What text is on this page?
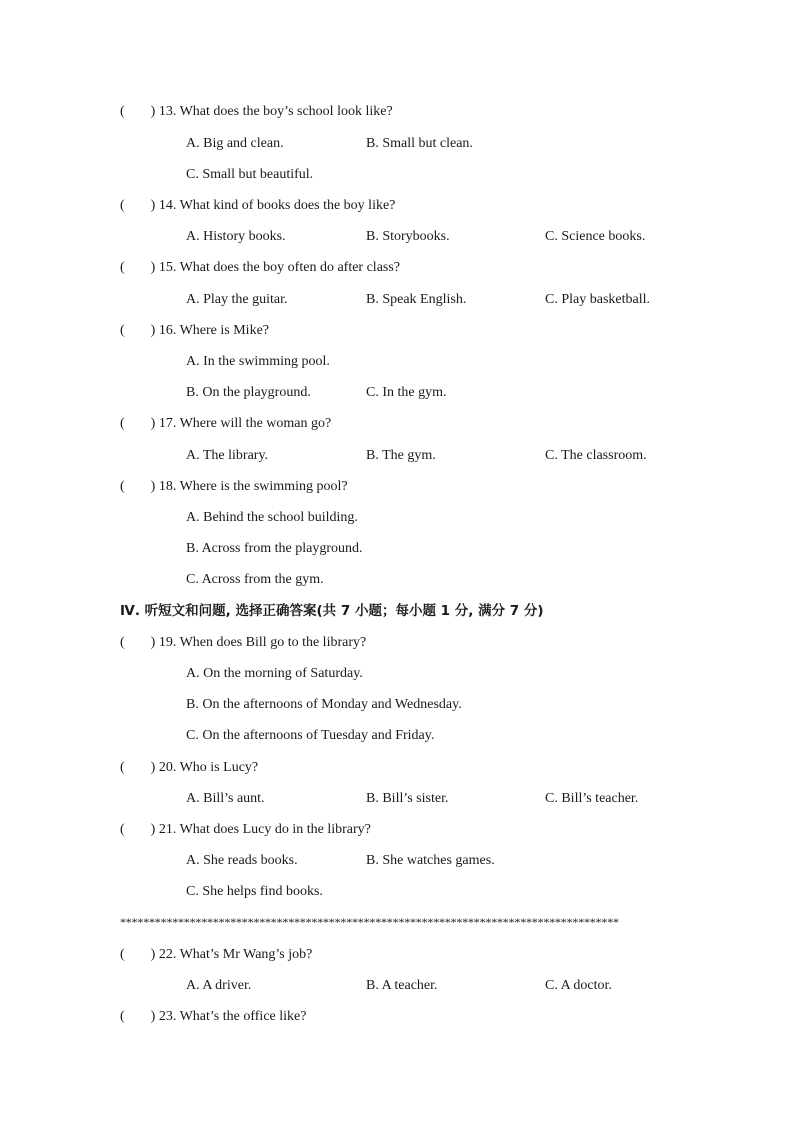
( ) 13. What does the boy’s school look like?
A. Big and clean.	B. Small but clean.
C. Small but beautiful.
( ) 14. What kind of books does the boy like?
A. History books.	B. Storybooks.	C. Science books.
( ) 15. What does the boy often do after class?
A. Play the guitar.	B. Speak English.	C. Play basketball.
( ) 16. Where is Mike?
A. In the swimming pool.
B. On the playground.	C. In the gym.
( ) 17. Where will the woman go?
A. The library.	B. The gym.	C. The classroom.
( ) 18. Where is the swimming pool?
A. Behind the school building.
B. Across from the playground.
C. Across from the gym.
Ⅳ. 听短文和问题, 选择正确答案(共 7 小题；每小题 1 分, 满分 7 分)
( ) 19. When does Bill go to the library?
A. On the morning of Saturday.
B. On the afternoons of Monday and Wednesday.
C. On the afternoons of Tuesday and Friday.
( ) 20. Who is Lucy?
A. Bill’s aunt.	B. Bill’s sister.	C. Bill’s teacher.
( ) 21. What does Lucy do in the library?
A. She reads books.	B. She watches games.
C. She helps find books.
**************************************************************************************
( ) 22. What’s Mr Wang’s job?
A. A driver.	B. A teacher.	C. A doctor.
( ) 23. What’s the office like?
